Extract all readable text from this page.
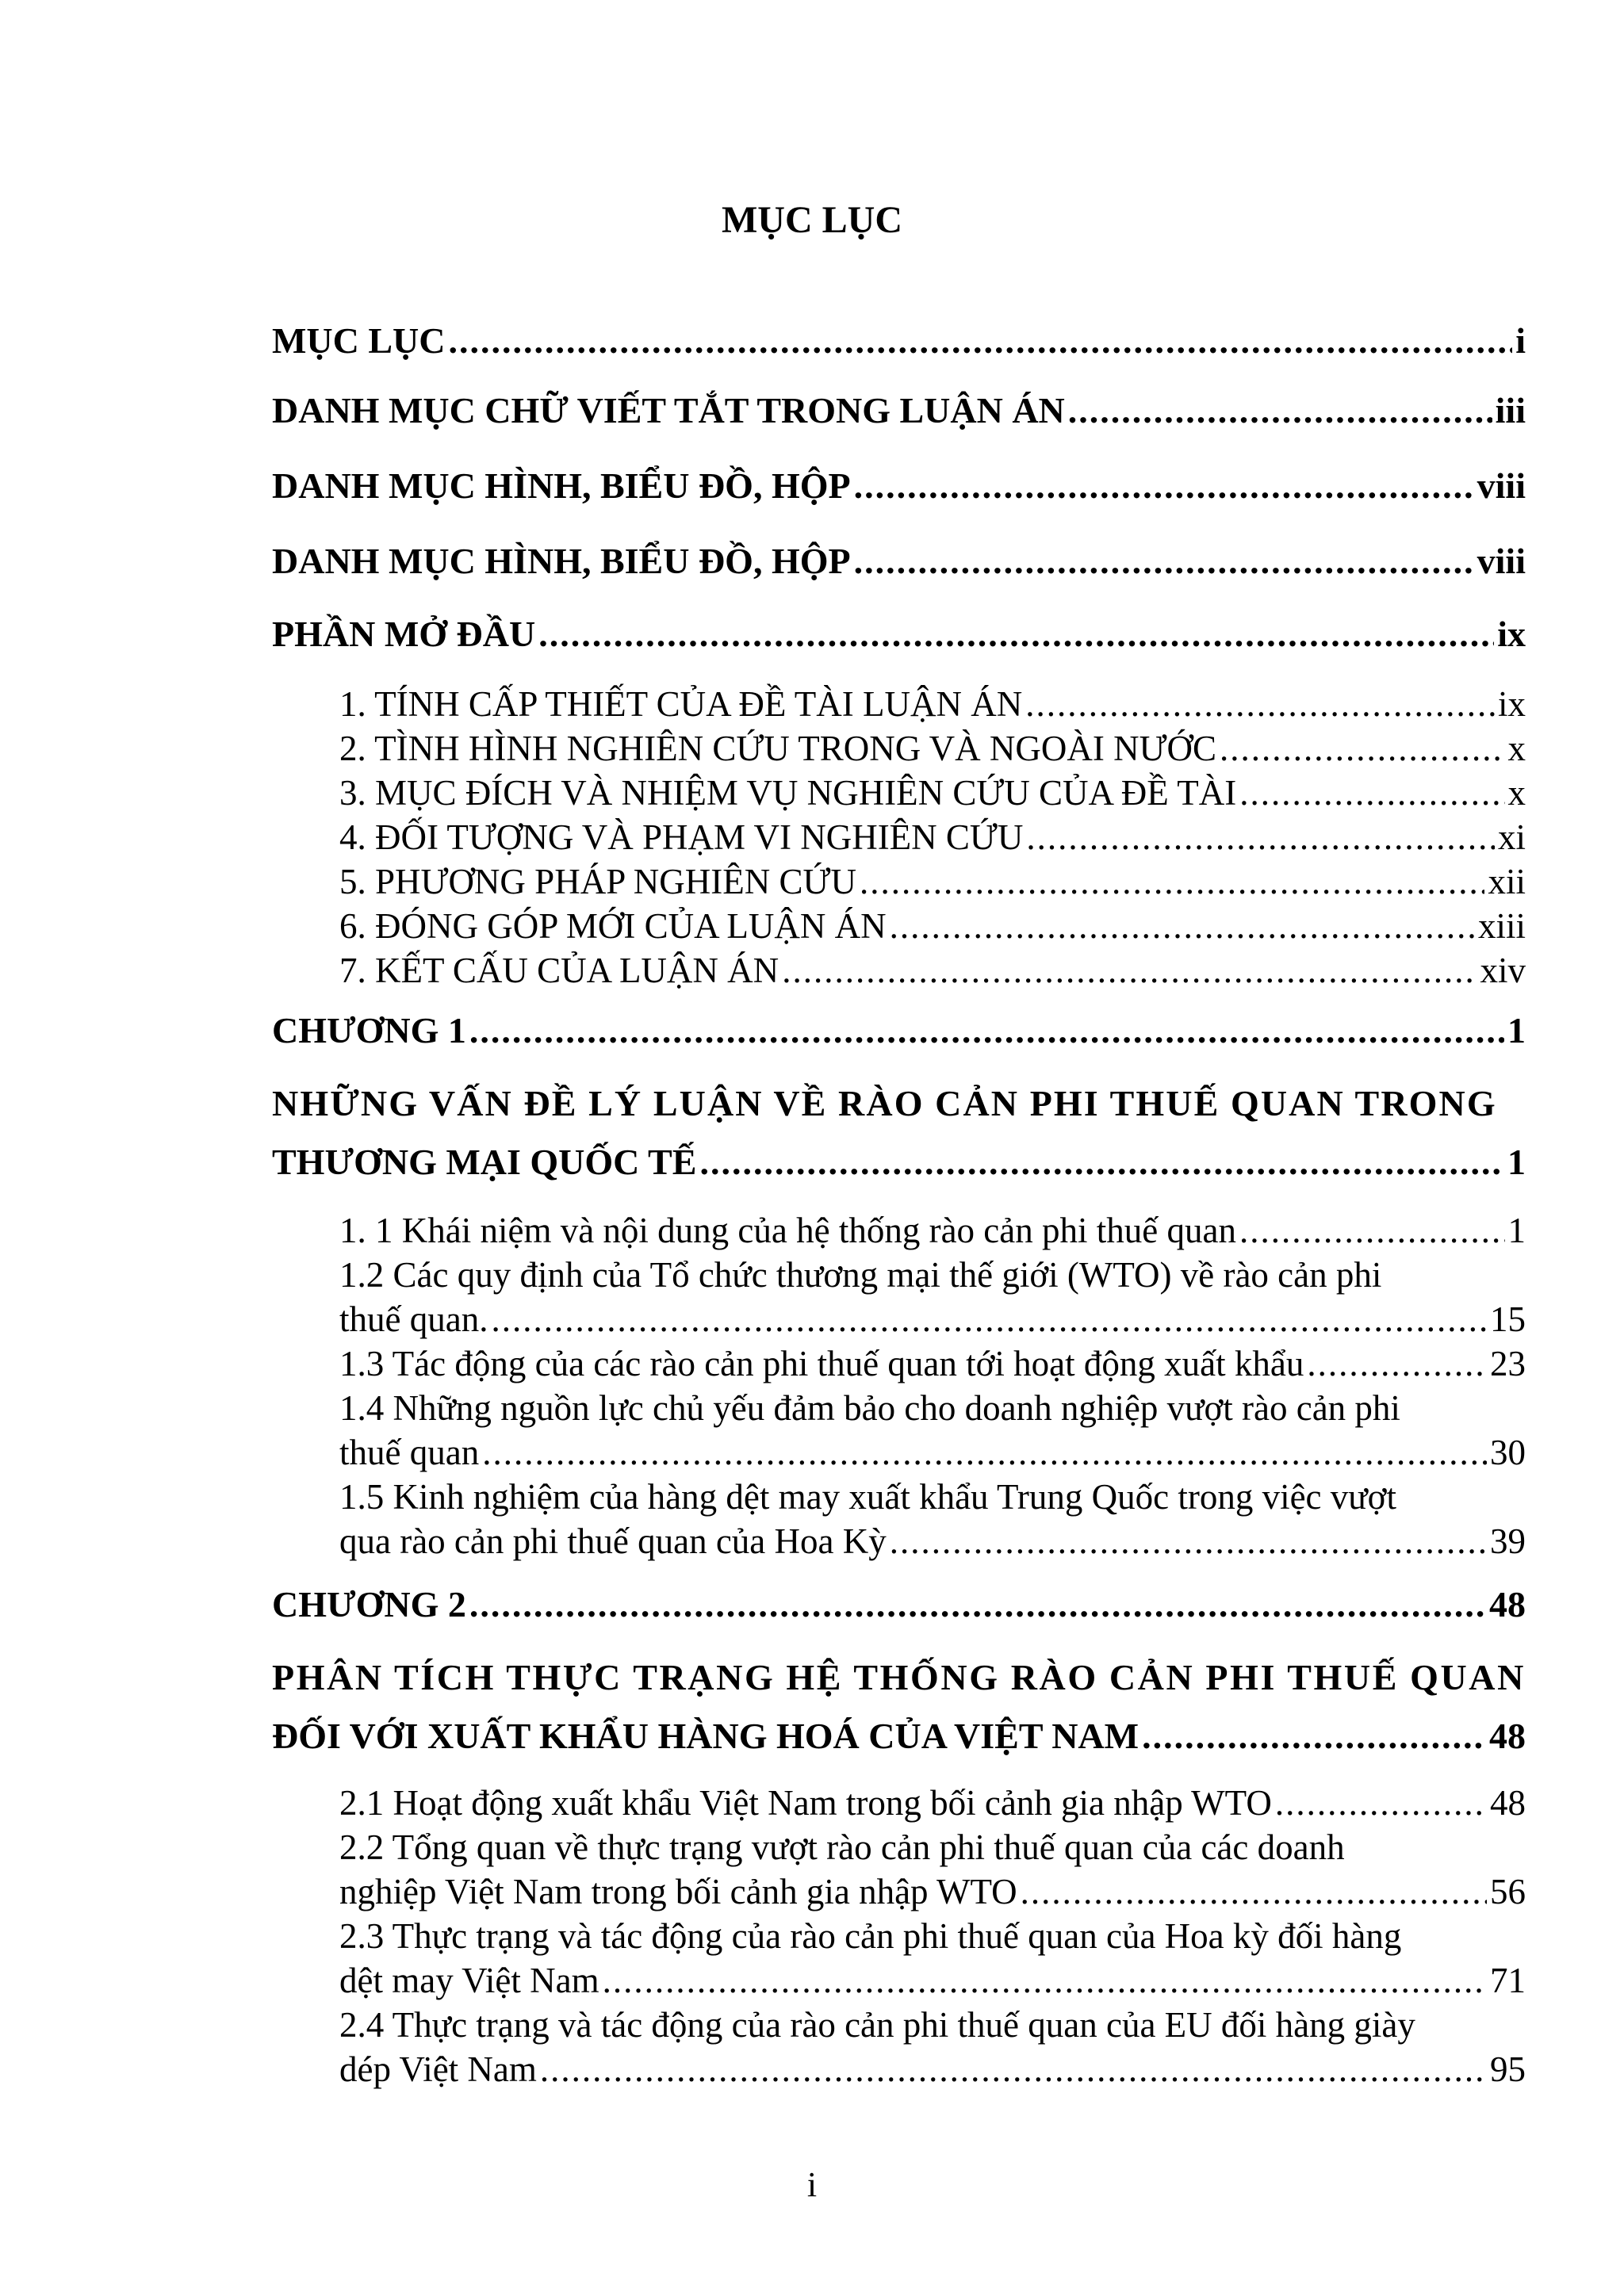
MỤC LỤC
MỤC LỤC .....	i
DANH MỤC CHỮ VIẾT TẮT TRONG LUẬN ÁN .....	iii
DANH MỤC HÌNH, BIỂU ĐỒ, HỘP .....	viii
DANH MỤC HÌNH, BIỂU ĐỒ, HỘP .....	viii
PHẦN MỞ ĐẦU .....	ix
1. TÍNH CẤP THIẾT CỦA ĐỀ TÀI LUẬN ÁN .....	ix
2. TÌNH HÌNH NGHIÊN CỨU TRONG VÀ NGOÀI NƯỚC .....	x
3. MỤC ĐÍCH VÀ NHIỆM VỤ NGHIÊN CỨU CỦA ĐỀ TÀI .....	x
4. ĐỐI TƯỢNG VÀ PHẠM VI NGHIÊN CỨU .....	xi
5. PHƯƠNG PHÁP NGHIÊN CỨU .....	xii
6. ĐÓNG GÓP MỚI CỦA LUẬN ÁN .....	xiii
7. KẾT CẤU CỦA LUẬN ÁN .....	xiv
CHƯƠNG 1 .....	1
NHỮNG VẤN ĐỀ LÝ LUẬN VỀ RÀO CẢN PHI THUẾ QUAN TRONG
THƯƠNG MẠI QUỐC TẾ .....	1
1. 1 Khái niệm và nội dung của hệ thống rào cản phi thuế quan .....	1
1.2 Các quy định của Tổ chức thương mại thế giới (WTO) về rào cản phi
thuế quan. .....	15
1.3 Tác động của các rào cản phi thuế quan tới hoạt động xuất khẩu .....	23
1.4 Những nguồn lực chủ yếu đảm bảo cho doanh nghiệp vượt rào cản phi
thuế quan .....	30
1.5 Kinh nghiệm của hàng dệt may xuất khẩu Trung Quốc trong việc vượt
qua rào cản phi thuế quan của Hoa Kỳ .....	39
CHƯƠNG 2 .....	48
PHÂN TÍCH THỰC TRẠNG HỆ THỐNG RÀO CẢN PHI THUẾ QUAN
ĐỐI VỚI XUẤT KHẨU HÀNG HOÁ CỦA VIỆT NAM .....	48
2.1 Hoạt động xuất khẩu Việt Nam trong bối cảnh gia nhập WTO .....	48
2.2 Tổng quan về thực trạng vượt rào cản phi thuế quan của các doanh
nghiệp Việt Nam trong bối cảnh gia nhập WTO .....	56
2.3 Thực trạng và tác động của rào cản phi thuế quan của Hoa kỳ đối hàng
dệt may Việt Nam .....	71
2.4 Thực trạng và tác động của rào cản phi thuế quan của EU đối hàng giày
dép Việt Nam .....	95
i
